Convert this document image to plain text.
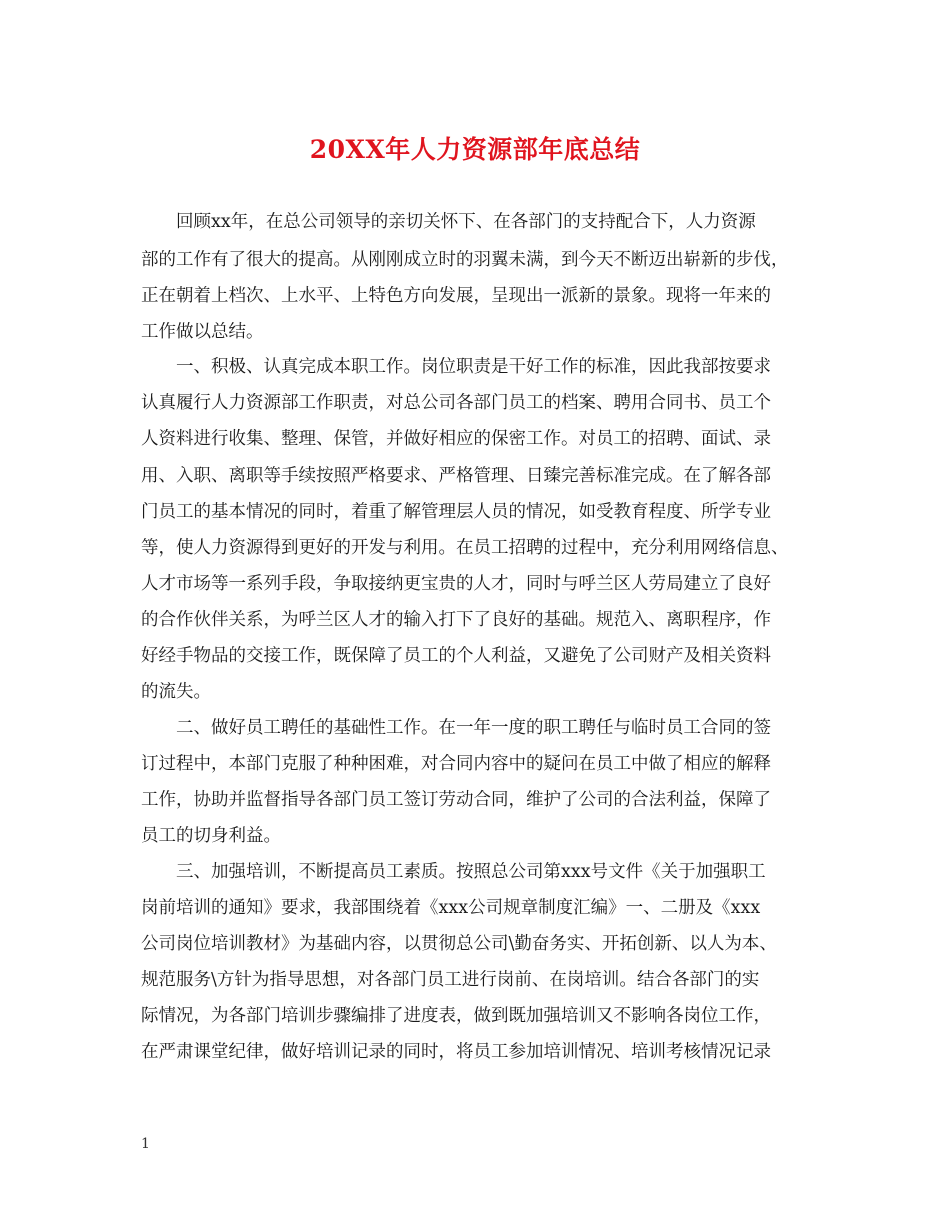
20XX年人力资源部年底总结

回顾xx年，在总公司领导的亲切关怀下、在各部门的支持配合下，人力资源

部的工作有了很大的提高。从刚刚成立时的羽翼未满，到今天不断迈出崭新的步伐，

正在朝着上档次、上水平、上特色方向发展，呈现出一派新的景象。现将一年来的

工作做以总结。

一、积极、认真完成本职工作。岗位职责是干好工作的标准，因此我部按要求

认真履行人力资源部工作职责，对总公司各部门员工的档案、聘用合同书、员工个

人资料进行收集、整理、保管，并做好相应的保密工作。对员工的招聘、面试、录

用、入职、离职等手续按照严格要求、严格管理、日臻完善标准完成。在了解各部

门员工的基本情况的同时，着重了解管理层人员的情况，如受教育程度、所学专业

等，使人力资源得到更好的开发与利用。在员工招聘的过程中，充分利用网络信息、

人才市场等一系列手段，争取接纳更宝贵的人才，同时与呼兰区人劳局建立了良好

的合作伙伴关系，为呼兰区人才的输入打下了良好的基础。规范入、离职程序，作

好经手物品的交接工作，既保障了员工的个人利益，又避免了公司财产及相关资料

的流失。

二、做好员工聘任的基础性工作。在一年一度的职工聘任与临时员工合同的签

订过程中，本部门克服了种种困难，对合同内容中的疑问在员工中做了相应的解释

工作，协助并监督指导各部门员工签订劳动合同，维护了公司的合法利益，保障了

员工的切身利益。

三、加强培训，不断提高员工素质。按照总公司第xxx号文件《关于加强职工

岗前培训的通知》要求，我部围绕着《xxx公司规章制度汇编》一、二册及《xxx

公司岗位培训教材》为基础内容，以贯彻总公司\勤奋务实、开拓创新、以人为本、

规范服务\方针为指导思想，对各部门员工进行岗前、在岗培训。结合各部门的实

际情况，为各部门培训步骤编排了进度表，做到既加强培训又不影响各岗位工作，

在严肃课堂纪律，做好培训记录的同时，将员工参加培训情况、培训考核情况记录

1
